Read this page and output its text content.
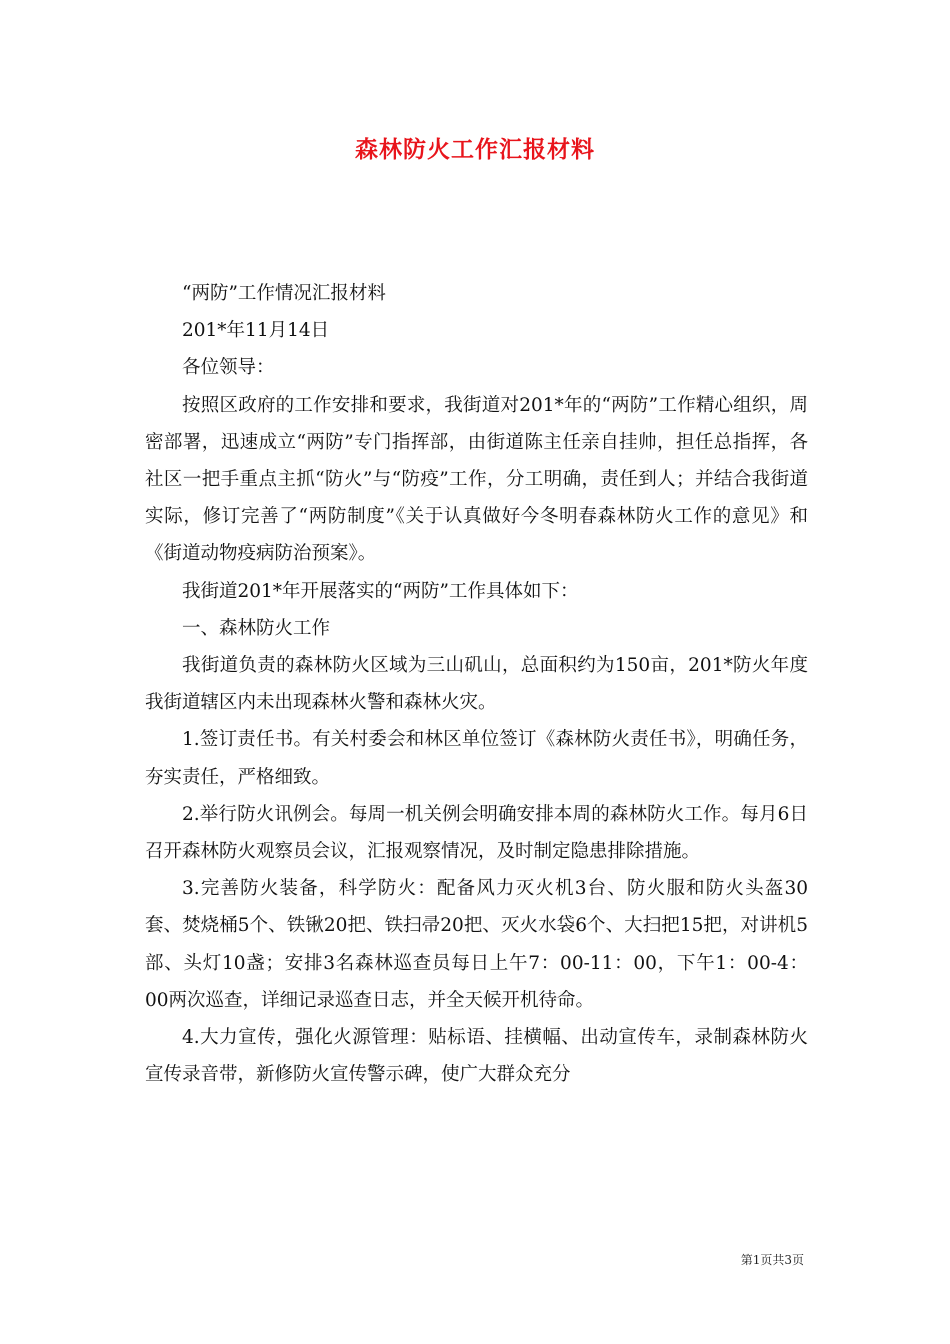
森林防火工作汇报材料

“两防”工作情况汇报材料

201*年11月14日

各位领导：

按照区政府的工作安排和要求，我街道对201*年的“两防”工作精心组织，周密部署，迅速成立“两防”专门指挥部，由街道陈主任亲自挂帅，担任总指挥，各社区一把手重点主抓“防火”与“防疫”工作，分工明确，责任到人；并结合我街道实际，修订完善了“两防制度”《关于认真做好今冬明春森林防火工作的意见》和《街道动物疫病防治预案》。

我街道201*年开展落实的“两防”工作具体如下：

一、森林防火工作

我街道负责的森林防火区域为三山矶山，总面积约为150亩，201*防火年度我街道辖区内未出现森林火警和森林火灾。

1.签订责任书。有关村委会和林区单位签订《森林防火责任书》，明确任务，夯实责任，严格细致。

2.举行防火讯例会。每周一机关例会明确安排本周的森林防火工作。每月6日召开森林防火观察员会议，汇报观察情况，及时制定隐患排除措施。

3.完善防火装备，科学防火：配备风力灭火机3台、防火服和防火头盔30套、焚烧桶5个、铁锹20把、铁扫帚20把、灭火水袋6个、大扫把15把，对讲机5部、头灯10盏；安排3名森林巡查员每日上午7：00-11：00，下午1：00-4：00两次巡查，详细记录巡查日志，并全天候开机待命。

4.大力宣传，强化火源管理：贴标语、挂横幅、出动宣传车，录制森林防火宣传录音带，新修防火宣传警示碑，使广大群众充分

第1页共3页
